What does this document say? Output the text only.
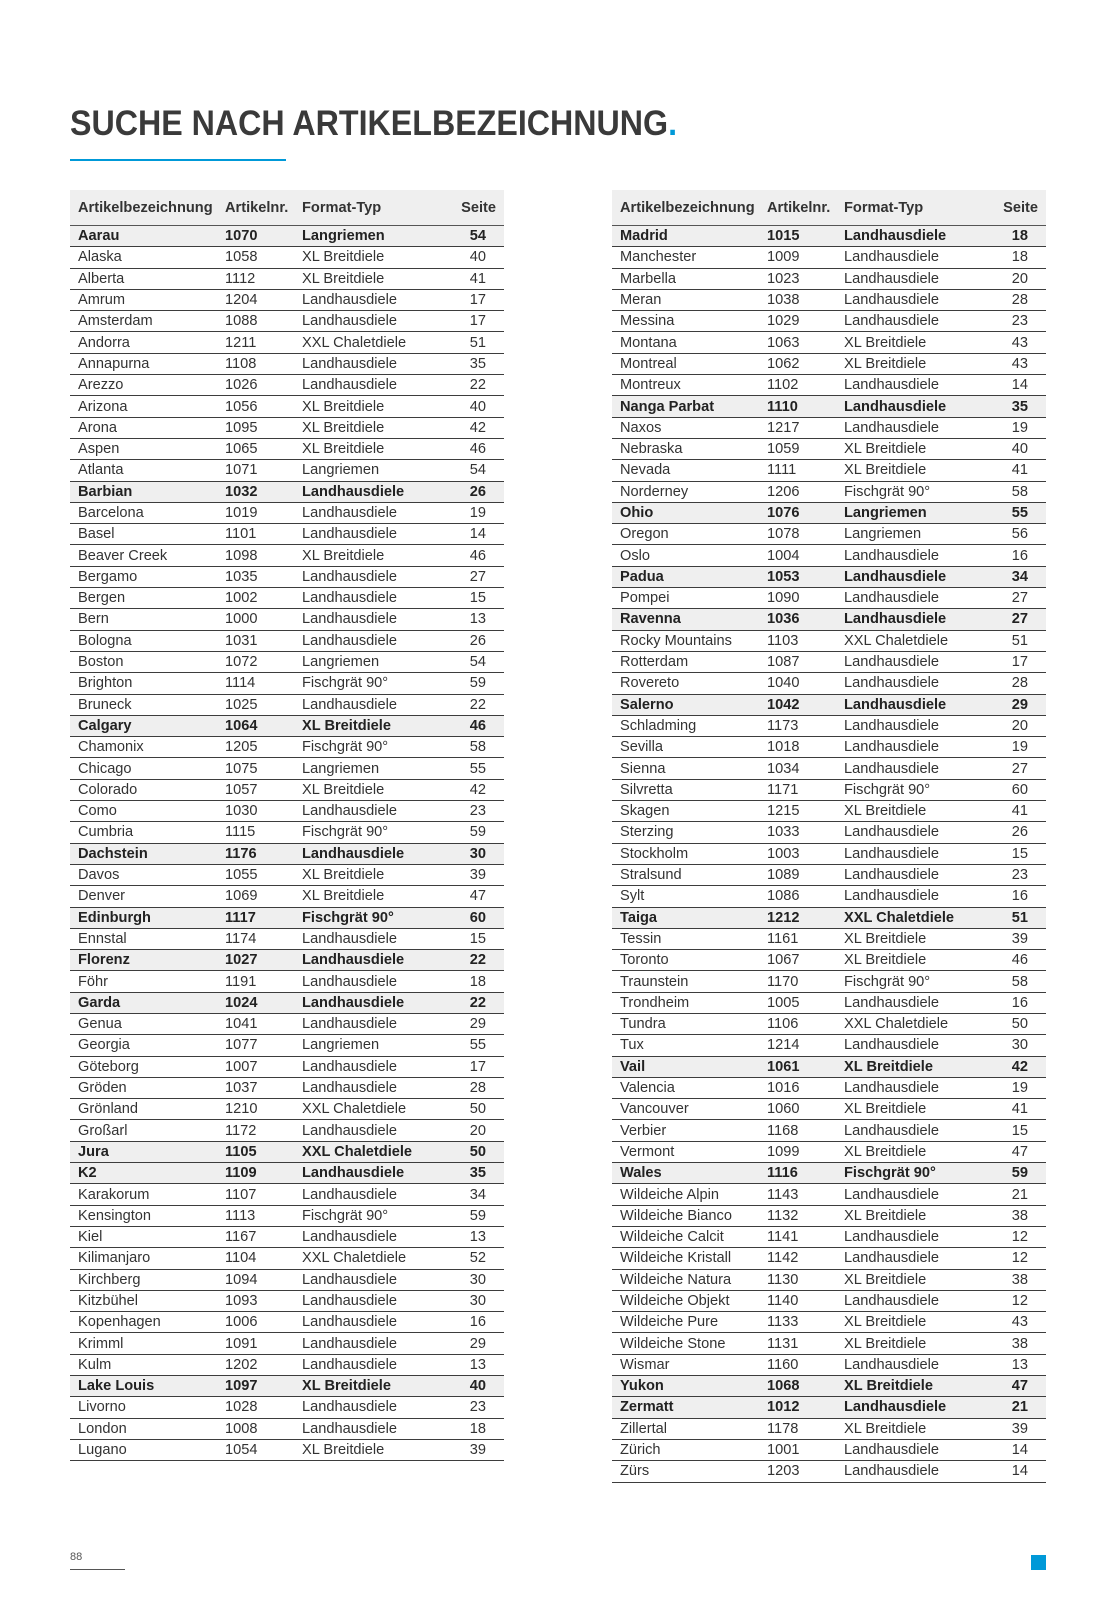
SUCHE NACH ARTIKELBEZEICHNUNG.
Artikelbezeichnung	Artikelnr.	Format-Typ	Seite
Aarau	1070	Langriemen	54
Alaska	1058	XL Breitdiele	40
Alberta	1112	XL Breitdiele	41
Amrum	1204	Landhausdiele	17
Amsterdam	1088	Landhausdiele	17
Andorra	1211	XXL Chaletdiele	51
Annapurna	1108	Landhausdiele	35
Arezzo	1026	Landhausdiele	22
Arizona	1056	XL Breitdiele	40
Arona	1095	XL Breitdiele	42
Aspen	1065	XL Breitdiele	46
Atlanta	1071	Langriemen	54
Barbian	1032	Landhausdiele	26
Barcelona	1019	Landhausdiele	19
Basel	1101	Landhausdiele	14
Beaver Creek	1098	XL Breitdiele	46
Bergamo	1035	Landhausdiele	27
Bergen	1002	Landhausdiele	15
Bern	1000	Landhausdiele	13
Bologna	1031	Landhausdiele	26
Boston	1072	Langriemen	54
Brighton	1114	Fischgrät 90°	59
Bruneck	1025	Landhausdiele	22
Calgary	1064	XL Breitdiele	46
Chamonix	1205	Fischgrät 90°	58
Chicago	1075	Langriemen	55
Colorado	1057	XL Breitdiele	42
Como	1030	Landhausdiele	23
Cumbria	1115	Fischgrät 90°	59
Dachstein	1176	Landhausdiele	30
Davos	1055	XL Breitdiele	39
Denver	1069	XL Breitdiele	47
Edinburgh	1117	Fischgrät 90°	60
Ennstal	1174	Landhausdiele	15
Florenz	1027	Landhausdiele	22
Föhr	1191	Landhausdiele	18
Garda	1024	Landhausdiele	22
Genua	1041	Landhausdiele	29
Georgia	1077	Langriemen	55
Göteborg	1007	Landhausdiele	17
Gröden	1037	Landhausdiele	28
Grönland	1210	XXL Chaletdiele	50
Großarl	1172	Landhausdiele	20
Jura	1105	XXL Chaletdiele	50
K2	1109	Landhausdiele	35
Karakorum	1107	Landhausdiele	34
Kensington	1113	Fischgrät 90°	59
Kiel	1167	Landhausdiele	13
Kilimanjaro	1104	XXL Chaletdiele	52
Kirchberg	1094	Landhausdiele	30
Kitzbühel	1093	Landhausdiele	30
Kopenhagen	1006	Landhausdiele	16
Krimml	1091	Landhausdiele	29
Kulm	1202	Landhausdiele	13
Lake Louis	1097	XL Breitdiele	40
Livorno	1028	Landhausdiele	23
London	1008	Landhausdiele	18
Lugano	1054	XL Breitdiele	39
Artikelbezeichnung	Artikelnr.	Format-Typ	Seite
Madrid	1015	Landhausdiele	18
Manchester	1009	Landhausdiele	18
Marbella	1023	Landhausdiele	20
Meran	1038	Landhausdiele	28
Messina	1029	Landhausdiele	23
Montana	1063	XL Breitdiele	43
Montreal	1062	XL Breitdiele	43
Montreux	1102	Landhausdiele	14
Nanga Parbat	1110	Landhausdiele	35
Naxos	1217	Landhausdiele	19
Nebraska	1059	XL Breitdiele	40
Nevada	1111	XL Breitdiele	41
Norderney	1206	Fischgrät 90°	58
Ohio	1076	Langriemen	55
Oregon	1078	Langriemen	56
Oslo	1004	Landhausdiele	16
Padua	1053	Landhausdiele	34
Pompei	1090	Landhausdiele	27
Ravenna	1036	Landhausdiele	27
Rocky Mountains	1103	XXL Chaletdiele	51
Rotterdam	1087	Landhausdiele	17
Rovereto	1040	Landhausdiele	28
Salerno	1042	Landhausdiele	29
Schladming	1173	Landhausdiele	20
Sevilla	1018	Landhausdiele	19
Sienna	1034	Landhausdiele	27
Silvretta	1171	Fischgrät 90°	60
Skagen	1215	XL Breitdiele	41
Sterzing	1033	Landhausdiele	26
Stockholm	1003	Landhausdiele	15
Stralsund	1089	Landhausdiele	23
Sylt	1086	Landhausdiele	16
Taiga	1212	XXL Chaletdiele	51
Tessin	1161	XL Breitdiele	39
Toronto	1067	XL Breitdiele	46
Traunstein	1170	Fischgrät 90°	58
Trondheim	1005	Landhausdiele	16
Tundra	1106	XXL Chaletdiele	50
Tux	1214	Landhausdiele	30
Vail	1061	XL Breitdiele	42
Valencia	1016	Landhausdiele	19
Vancouver	1060	XL Breitdiele	41
Verbier	1168	Landhausdiele	15
Vermont	1099	XL Breitdiele	47
Wales	1116	Fischgrät 90°	59
Wildeiche Alpin	1143	Landhausdiele	21
Wildeiche Bianco	1132	XL Breitdiele	38
Wildeiche Calcit	1141	Landhausdiele	12
Wildeiche Kristall	1142	Landhausdiele	12
Wildeiche Natura	1130	XL Breitdiele	38
Wildeiche Objekt	1140	Landhausdiele	12
Wildeiche Pure	1133	XL Breitdiele	43
Wildeiche Stone	1131	XL Breitdiele	38
Wismar	1160	Landhausdiele	13
Yukon	1068	XL Breitdiele	47
Zermatt	1012	Landhausdiele	21
Zillertal	1178	XL Breitdiele	39
Zürich	1001	Landhausdiele	14
Zürs	1203	Landhausdiele	14
88
